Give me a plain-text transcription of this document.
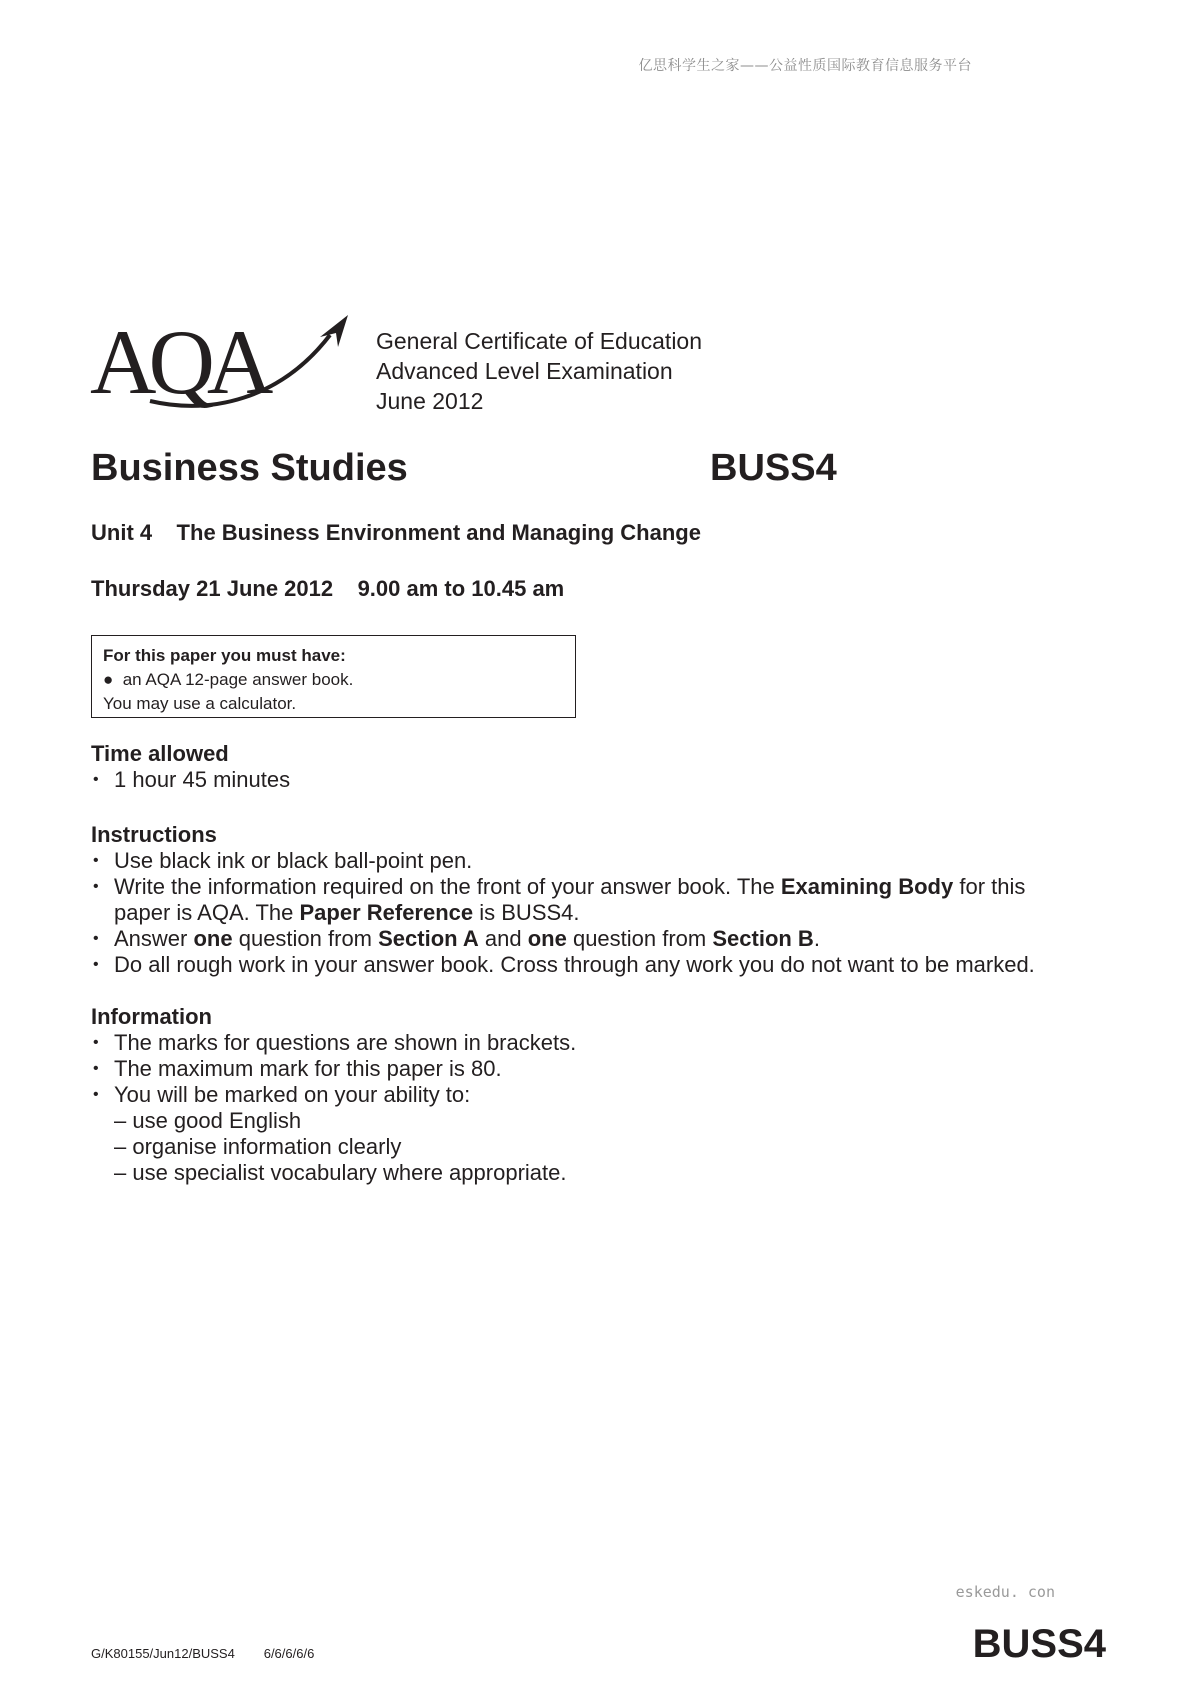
亿思科学生之家——公益性质国际教育信息服务平台
AQA	General Certificate of Education
Advanced Level Examination
June 2012
Business Studies	BUSS4
Unit 4    The Business Environment and Managing Change
Thursday 21 June 2012    9.00 am to 10.45 am
For this paper you must have:
●  an AQA 12-page answer book.
You may use a calculator.
Time allowed
• 1 hour 45 minutes
Instructions
• Use black ink or black ball-point pen.
• Write the information required on the front of your answer book. The Examining Body for this
paper is AQA. The Paper Reference is BUSS4.
• Answer one question from Section A and one question from Section B.
• Do all rough work in your answer book. Cross through any work you do not want to be marked.
Information
• The marks for questions are shown in brackets.
• The maximum mark for this paper is 80.
• You will be marked on your ability to:
– use good English
– organise information clearly
– use specialist vocabulary where appropriate.
eskedu. con
G/K80155/Jun12/BUSS4        6/6/6/6/6	BUSS4
